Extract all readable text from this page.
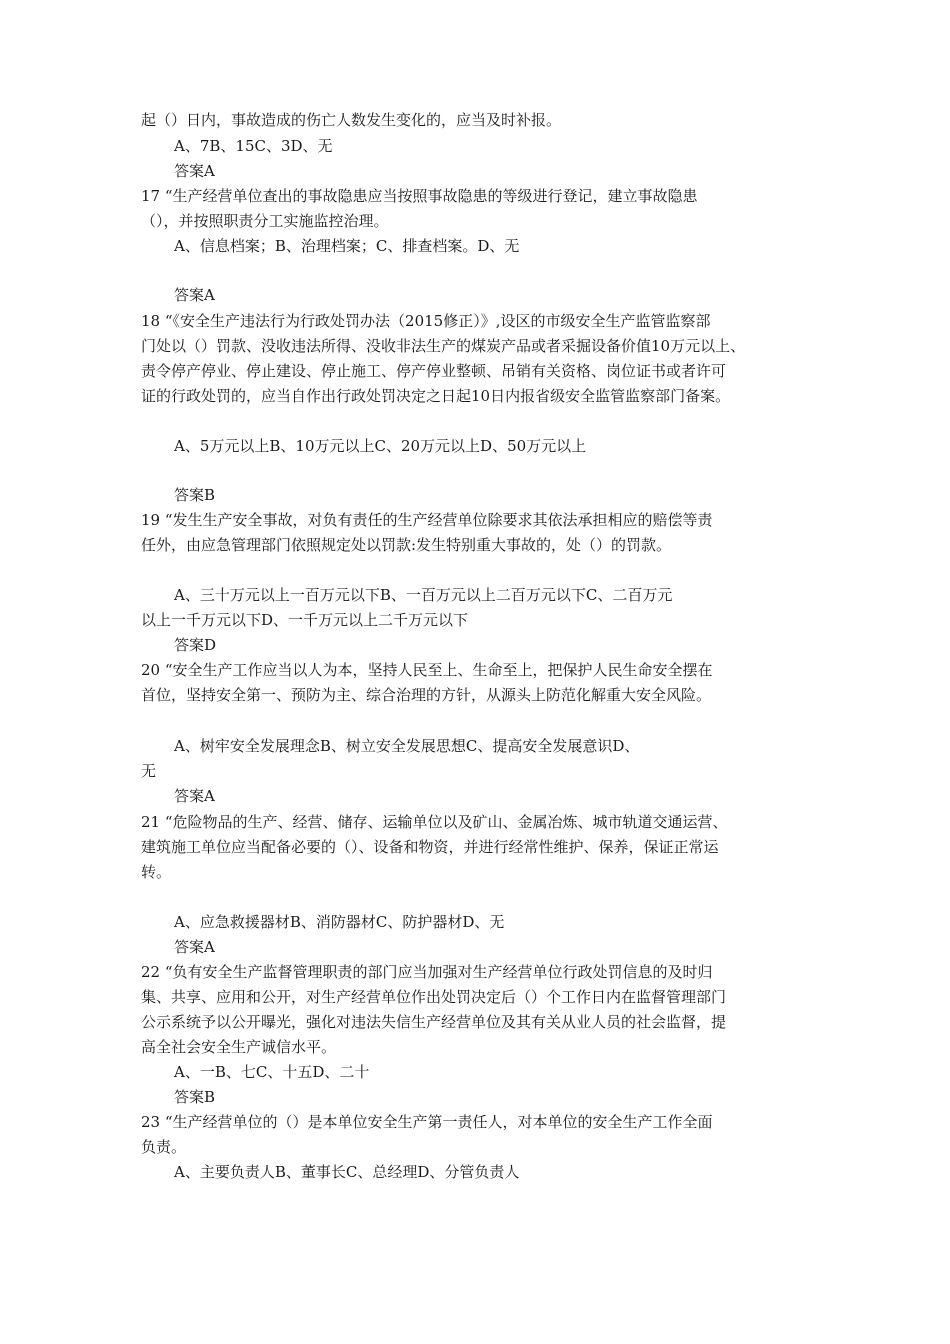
起（）日内，事故造成的伤亡人数发生变化的，应当及时补报。
A、7B、15C、3D、无
答案A
17 “生产经营单位查出的事故隐患应当按照事故隐患的等级进行登记，建立事故隐患
（），并按照职责分工实施监控治理。
A、信息档案；B、治理档案；C、排查档案。D、无
答案A
18 “《安全生产违法行为行政处罚办法（2015修正）》,设区的市级安全生产监管监察部
门处以（）罚款、没收违法所得、没收非法生产的煤炭产品或者采掘设备价值10万元以上、
责令停产停业、停止建设、停止施工、停产停业整顿、吊销有关资格、岗位证书或者许可
证的行政处罚的，应当自作出行政处罚决定之日起10日内报省级安全监管监察部门备案。
A、5万元以上B、10万元以上C、20万元以上D、50万元以上
答案B
19 “发生生产安全事故，对负有责任的生产经营单位除要求其依法承担相应的赔偿等责
任外，由应急管理部门依照规定处以罚款:发生特别重大事故的，处（）的罚款。
A、三十万元以上一百万元以下B、一百万元以上二百万元以下C、二百万元
以上一千万元以下D、一千万元以上二千万元以下
答案D
20 “安全生产工作应当以人为本，坚持人民至上、生命至上，把保护人民生命安全摆在
首位，坚持安全第一、预防为主、综合治理的方针，从源头上防范化解重大安全风险。
A、树牢安全发展理念B、树立安全发展思想C、提高安全发展意识D、
无
答案A
21 “危险物品的生产、经营、储存、运输单位以及矿山、金属冶炼、城市轨道交通运营、
建筑施工单位应当配备必要的（）、设备和物资，并进行经常性维护、保养，保证正常运
转。
A、应急救援器材B、消防器材C、防护器材D、无
答案A
22 “负有安全生产监督管理职责的部门应当加强对生产经营单位行政处罚信息的及时归
集、共享、应用和公开，对生产经营单位作出处罚决定后（）个工作日内在监督管理部门
公示系统予以公开曝光，强化对违法失信生产经营单位及其有关从业人员的社会监督，提
高全社会安全生产诚信水平。
A、一B、七C、十五D、二十
答案B
23 “生产经营单位的（）是本单位安全生产第一责任人，对本单位的安全生产工作全面
负责。
A、主要负责人B、董事长C、总经理D、分管负责人
